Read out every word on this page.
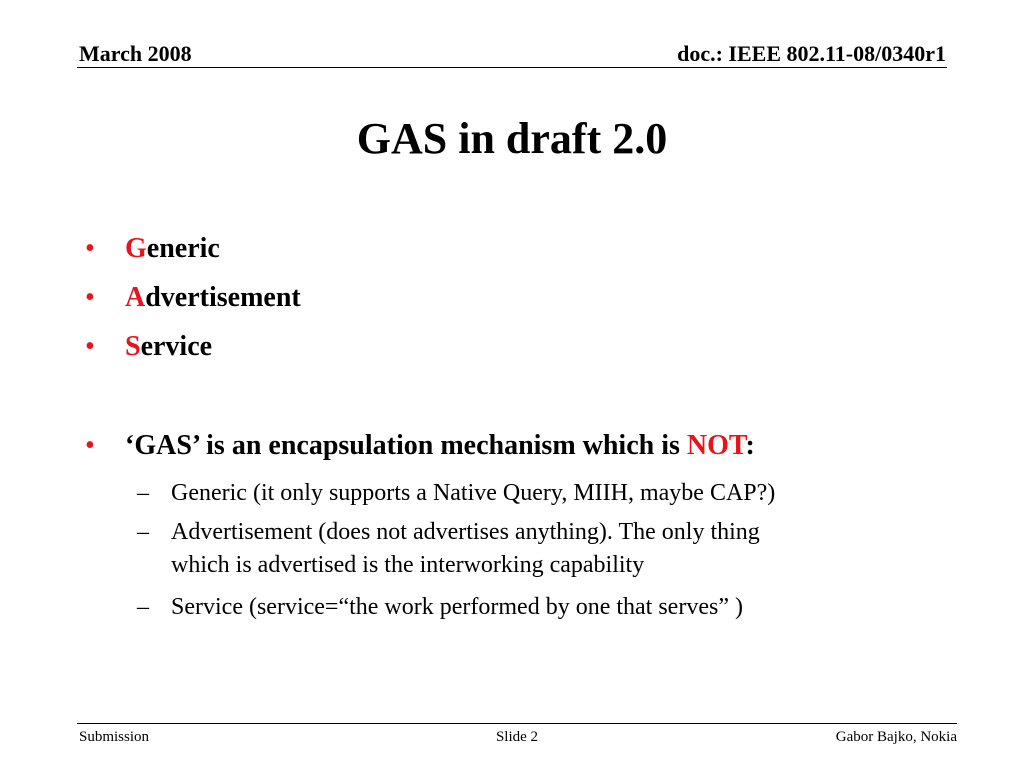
March 2008	doc.: IEEE 802.11-08/0340r1
GAS in draft 2.0
• Generic
• Advertisement
• Service
• ‘GAS’ is an encapsulation mechanism which is NOT:
– Generic (it only supports a Native Query, MIIH, maybe CAP?)
– Advertisement (does not advertises anything). The only thing
which is advertised is the interworking capability
– Service (service=“the work performed by one that serves” )
Submission	Slide 2	Gabor Bajko, Nokia
